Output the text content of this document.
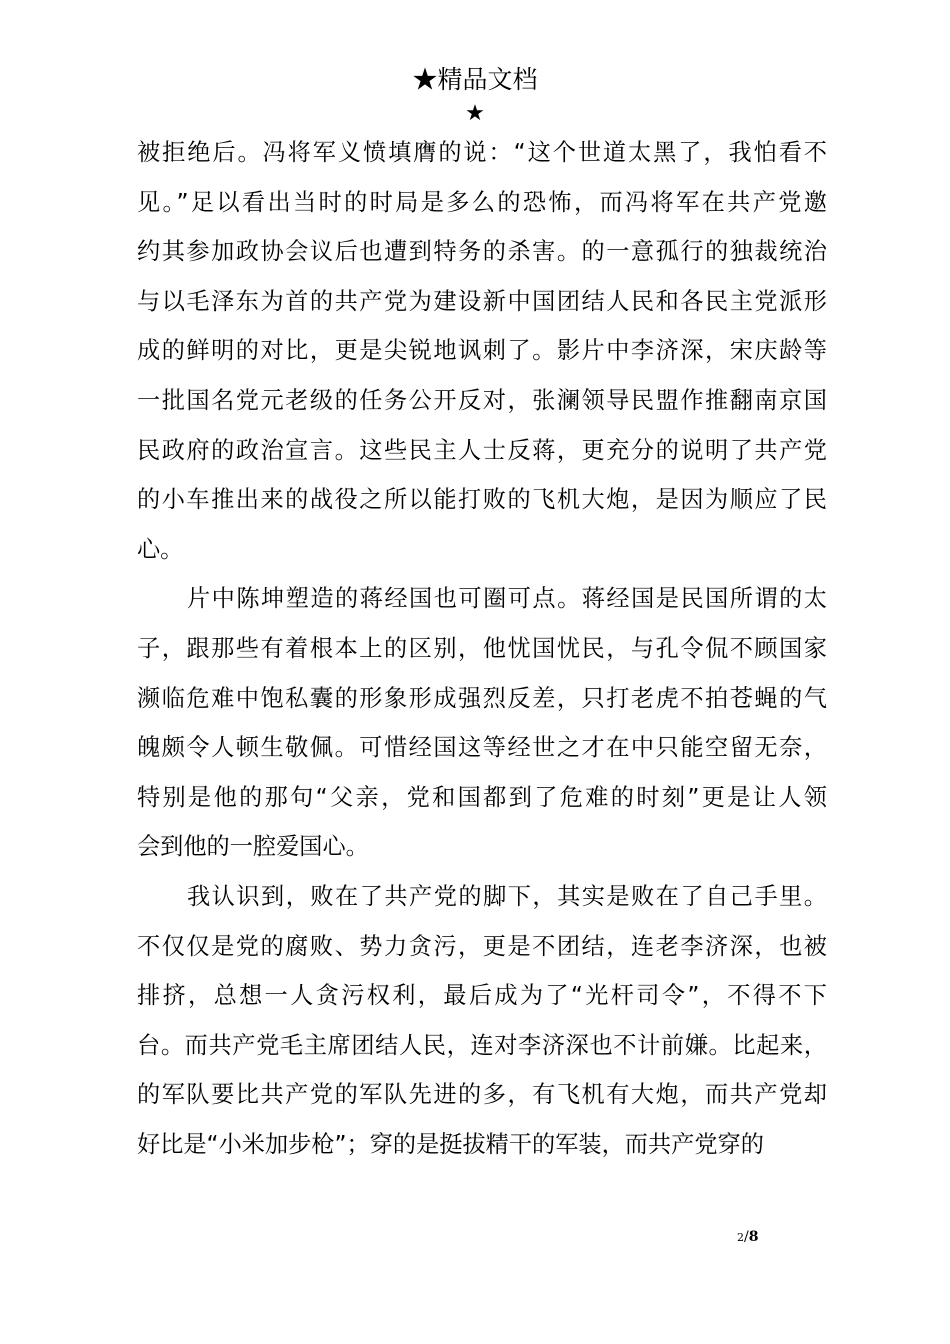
★精品文档
★
被拒绝后。冯将军义愤填膺的说：“这个世道太黑了，我怕看不
见。”足以看出当时的时局是多么的恐怖，而冯将军在共产党邀
约其参加政协会议后也遭到特务的杀害。的一意孤行的独裁统治
与以毛泽东为首的共产党为建设新中国团结人民和各民主党派形
成的鲜明的对比，更是尖锐地讽刺了。影片中李济深，宋庆龄等
一批国名党元老级的任务公开反对，张澜领导民盟作推翻南京国
民政府的政治宣言。这些民主人士反蒋，更充分的说明了共产党
的小车推出来的战役之所以能打败的飞机大炮，是因为顺应了民
心。
片中陈坤塑造的蒋经国也可圈可点。蒋经国是民国所谓的太
子，跟那些有着根本上的区别，他忧国忧民，与孔令侃不顾国家
濒临危难中饱私囊的形象形成强烈反差，只打老虎不拍苍蝇的气
魄颇令人顿生敬佩。可惜经国这等经世之才在中只能空留无奈，
特别是他的那句“父亲，党和国都到了危难的时刻”更是让人领
会到他的一腔爱国心。
我认识到，败在了共产党的脚下，其实是败在了自己手里。
不仅仅是党的腐败、势力贪污，更是不团结，连老李济深，也被
排挤，总想一人贪污权利，最后成为了“光杆司令”，不得不下
台。而共产党毛主席团结人民，连对李济深也不计前嫌。比起来，
的军队要比共产党的军队先进的多，有飞机有大炮，而共产党却
好比是“小米加步枪”；穿的是挺拔精干的军装，而共产党穿的
2/8
